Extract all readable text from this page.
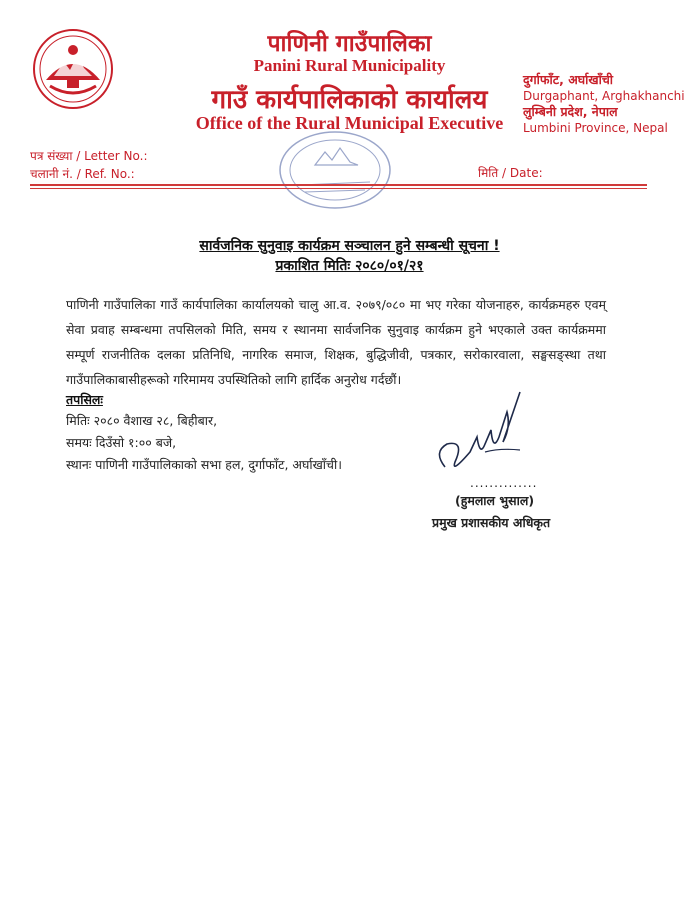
पाणिनी गाउँपालिका
Panini Rural Municipality
गाउँ कार्यपालिकाको कार्यालय
Office of the Rural Municipal Executive
दुर्गाफाँट, अर्घाखाँची
Durgaphant, Arghakhanchi
लुम्बिनी प्रदेश, नेपाल
Lumbini Province, Nepal
पत्र संख्या / Letter No.:
चलानी नं. / Ref. No.:	मिति / Date:
सार्वजनिक सुनुवाइ कार्यक्रम सञ्चालन हुने सम्बन्धी सूचना !
प्रकाशित मितिः २०८०/०१/२१
पाणिनी गाउँपालिका गाउँ कार्यपालिका कार्यालयको चालु आ.व. २०७९/०८० मा भए गरेका योजनाहरु, कार्यक्रमहरु एवम् सेवा प्रवाह सम्बन्धमा तपसिलको मिति, समय र स्थानमा सार्वजनिक सुनुवाइ कार्यक्रम हुने भएकाले उक्त कार्यक्रममा सम्पूर्ण राजनीतिक दलका प्रतिनिधि, नागरिक समाज, शिक्षक, बुद्धिजीवी, पत्रकार, सरोकारवाला, सङ्घसङ्स्था तथा गाउँपालिकाबासीहरूको गरिमामय उपस्थितिको लागि हार्दिक अनुरोध गर्दछौं।
तपसिलः
मितिः २०८० वैशाख २८, बिहीबार,
समयः दिउँसो १:०० बजे,
स्थानः पाणिनी गाउँपालिकाको सभा हल, दुर्गाफाँट, अर्घाखाँची।
..............
(हुमलाल भुसाल)
प्रमुख प्रशासकीय अधिकृत
